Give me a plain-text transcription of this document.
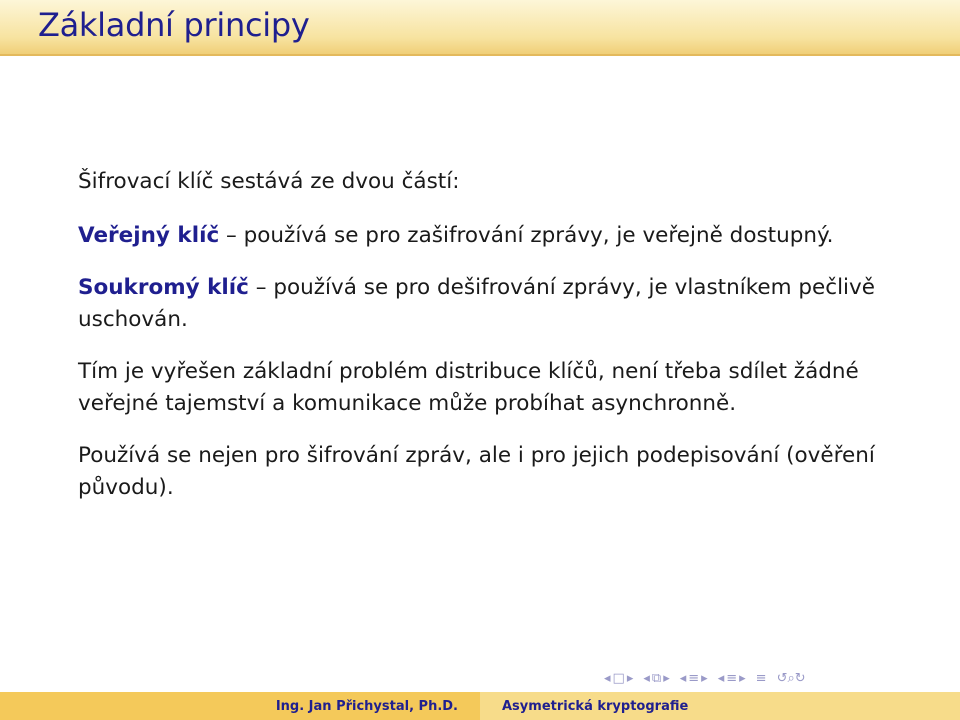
Základní principy

Šifrovací klíč sestává ze dvou částí:

Veřejný klíč – používá se pro zašifrování zprávy, je veřejně dostupný.

Soukromý klíč – používá se pro dešifrování zprávy, je vlastníkem pečlivě uschován.

Tím je vyřešen základní problém distribuce klíčů, není třeba sdílet žádné veřejné tajemství a komunikace může probíhat asynchronně.

Používá se nejen pro šifrování zpráv, ale i pro jejich podepisování (ověření původu).

◂ □ ▸ ◂ ⧉ ▸ ◂ ≡ ▸ ◂ ≡ ▸ ≡ ↺⌕↻
Ing. Jan Přichystal, Ph.D.	Asymetrická kryptografie
